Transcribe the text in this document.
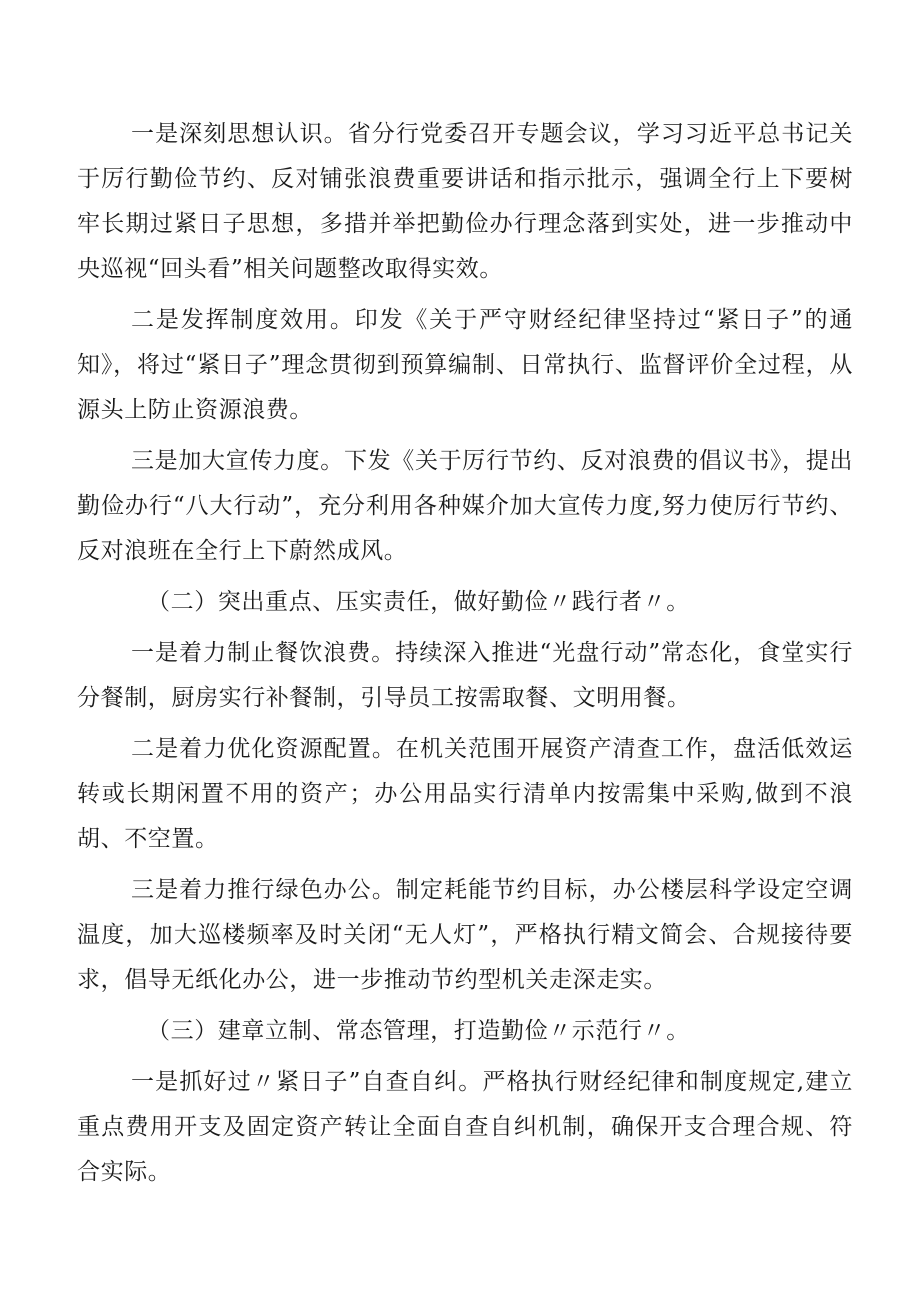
一是深刻思想认识。省分行党委召开专题会议，学习习近平总书记关于厉行勤俭节约、反对铺张浪费重要讲话和指示批示，强调全行上下要树牢长期过紧日子思想，多措并举把勤俭办行理念落到实处，进一步推动中央巡视“回头看”相关问题整改取得实效。

二是发挥制度效用。印发《关于严守财经纪律坚持过“紧日子”的通知》，将过“紧日子”理念贯彻到预算编制、日常执行、监督评价全过程，从源头上防止资源浪费。

三是加大宣传力度。下发《关于厉行节约、反对浪费的倡议书》，提出勤俭办行“八大行动”，充分利用各种媒介加大宣传力度,努力使厉行节约、反对浪班在全行上下蔚然成风。

（二）突出重点、压实责任，做好勤俭〃践行者〃。

一是着力制止餐饮浪费。持续深入推进“光盘行动”常态化，食堂实行分餐制，厨房实行补餐制，引导员工按需取餐、文明用餐。

二是着力优化资源配置。在机关范围开展资产清查工作，盘活低效运转或长期闲置不用的资产；办公用品实行清单内按需集中采购,做到不浪胡、不空置。

三是着力推行绿色办公。制定耗能节约目标，办公楼层科学设定空调温度，加大巡楼频率及时关闭“无人灯”，严格执行精文简会、合规接待要求，倡导无纸化办公，进一步推动节约型机关走深走实。

（三）建章立制、常态管理，打造勤俭〃示范行〃。

一是抓好过〃紧日子”自查自纠。严格执行财经纪律和制度规定,建立重点费用开支及固定资产转让全面自查自纠机制，确保开支合理合规、符合实际。
